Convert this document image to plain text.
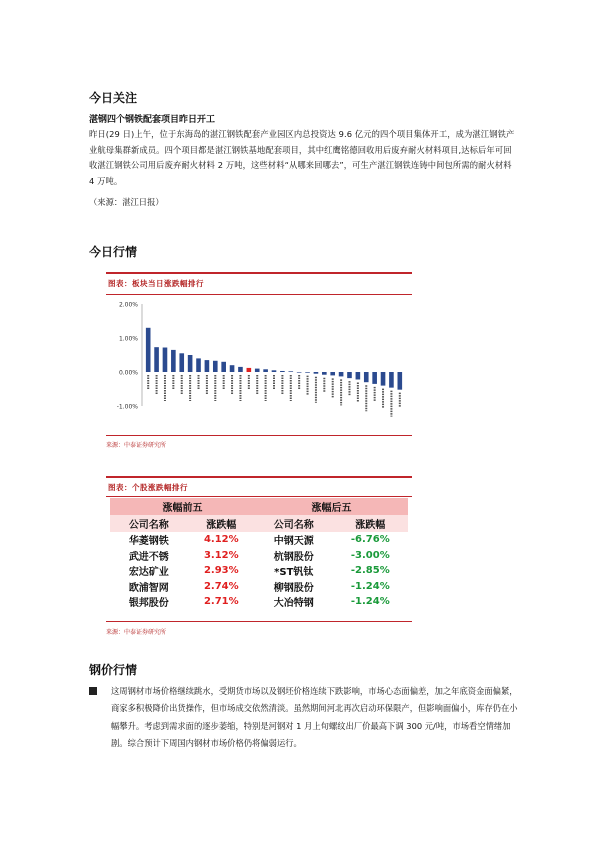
今日关注
湛钢四个钢铁配套项目昨日开工
昨日(29 日)上午，位于东海岛的湛江钢铁配套产业园区内总投资达 9.6 亿元的四个项目集体开工，成为湛江钢铁产业航母集群新成员。四个项目都是湛江钢铁基地配套项目，其中红鹰铭德回收用后废弃耐火材料项目,达标后年可回收湛江钢铁公司用后废弃耐火材料 2 万吨，这些材料“从哪来回哪去”，可生产湛江钢铁连铸中间包所需的耐火材料 4 万吨。
（来源：湛江日报）
今日行情
图表：板块当日涨跌幅排行
2.00%
1.00%
0.00%
-1.00%
来源：中泰证券研究所
图表：个股涨跌幅排行
涨幅前五		涨幅后五	
公司名称	涨跌幅	公司名称	涨跌幅
华菱钢铁	4.12%	中钢天源	-6.76%
武进不锈	3.12%	杭钢股份	-3.00%
宏达矿业	2.93%	*ST钒钛	-2.85%
欧浦智网	2.74%	柳钢股份	-1.24%
银邦股份	2.71%	大冶特钢	-1.24%
来源：中泰证券研究所
钢价行情
这周钢材市场价格继续跳水，受期货市场以及钢坯价格连续下跌影响，市场心态面偏差，加之年底资金面偏紧，商家多积极降价出货操作，但市场成交依然清淡。虽然期间河北再次启动环保限产，但影响面偏小，库存仍在小幅攀升。考虑到需求面的逐步萎缩，特别是河钢对 1 月上旬螺纹出厂价最高下调 300 元/吨，市场看空情绪加剧。综合预计下周国内钢材市场价格仍将偏弱运行。
